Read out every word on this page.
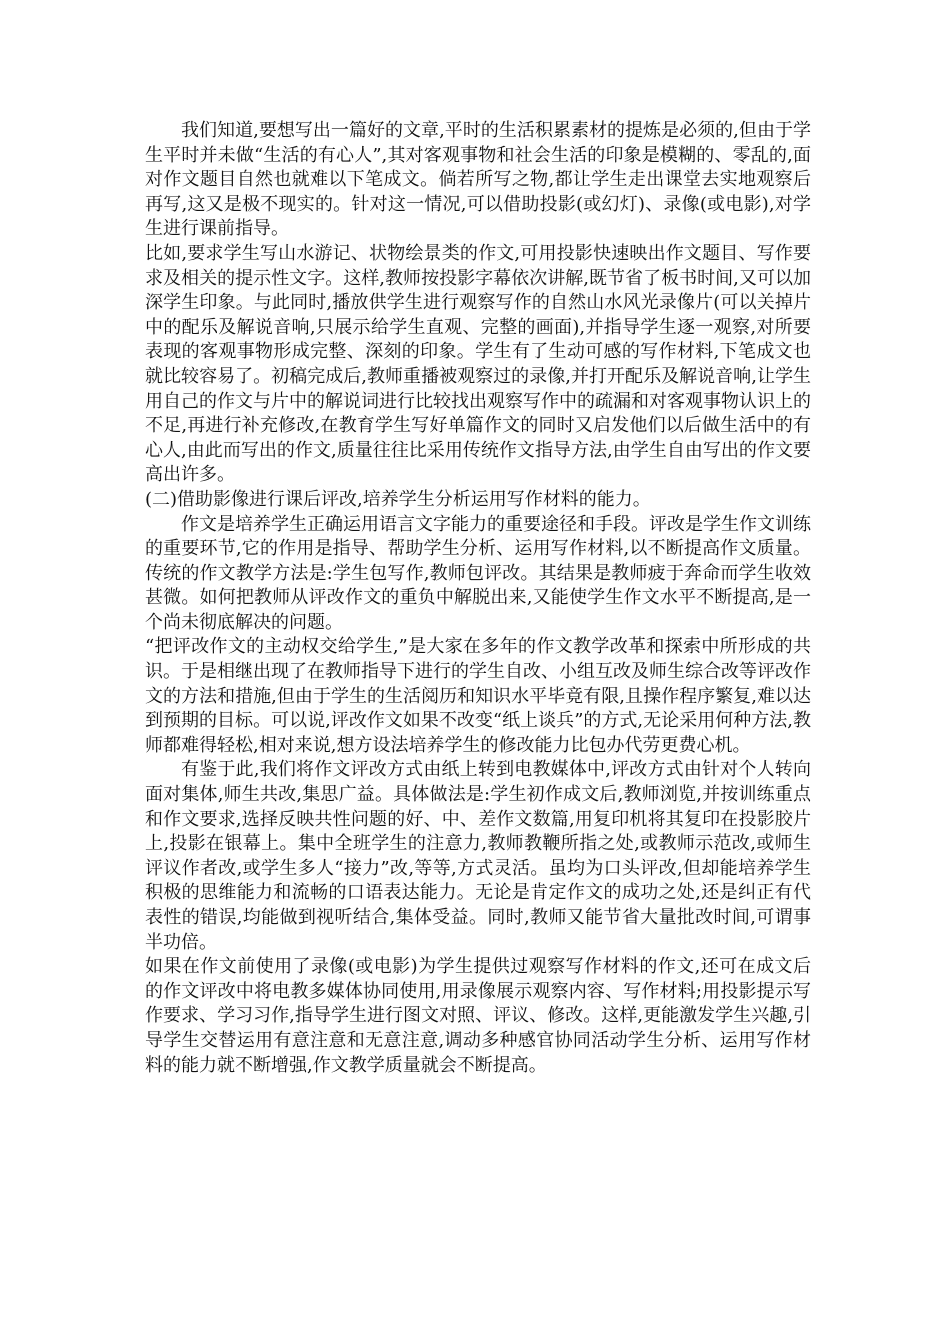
我们知道,要想写出一篇好的文章,平时的生活积累素材的提炼是必须的,但由于学生平时并未做“生活的有心人”,其对客观事物和社会生活的印象是模糊的、零乱的,面对作文题目自然也就难以下笔成文。倘若所写之物,都让学生走出课堂去实地观察后再写,这又是极不现实的。针对这一情况,可以借助投影(或幻灯)、录像(或电影),对学生进行课前指导。

比如,要求学生写山水游记、状物绘景类的作文,可用投影快速映出作文题目、写作要求及相关的提示性文字。这样,教师按投影字幕依次讲解,既节省了板书时间,又可以加深学生印象。与此同时,播放供学生进行观察写作的自然山水风光录像片(可以关掉片中的配乐及解说音响,只展示给学生直观、完整的画面),并指导学生逐一观察,对所要表现的客观事物形成完整、深刻的印象。学生有了生动可感的写作材料,下笔成文也就比较容易了。初稿完成后,教师重播被观察过的录像,并打开配乐及解说音响,让学生用自己的作文与片中的解说词进行比较找出观察写作中的疏漏和对客观事物认识上的不足,再进行补充修改,在教育学生写好单篇作文的同时又启发他们以后做生活中的有心人,由此而写出的作文,质量往往比采用传统作文指导方法,由学生自由写出的作文要高出许多。

(二)借助影像进行课后评改,培养学生分析运用写作材料的能力。

作文是培养学生正确运用语言文字能力的重要途径和手段。评改是学生作文训练的重要环节,它的作用是指导、帮助学生分析、运用写作材料,以不断提高作文质量。传统的作文教学方法是:学生包写作,教师包评改。其结果是教师疲于奔命而学生收效甚微。如何把教师从评改作文的重负中解脱出来,又能使学生作文水平不断提高,是一个尚未彻底解决的问题。

“把评改作文的主动权交给学生,”是大家在多年的作文教学改革和探索中所形成的共识。于是相继出现了在教师指导下进行的学生自改、小组互改及师生综合改等评改作文的方法和措施,但由于学生的生活阅历和知识水平毕竟有限,且操作程序繁复,难以达到预期的目标。可以说,评改作文如果不改变“纸上谈兵”的方式,无论采用何种方法,教师都难得轻松,相对来说,想方设法培养学生的修改能力比包办代劳更费心机。

有鉴于此,我们将作文评改方式由纸上转到电教媒体中,评改方式由针对个人转向面对集体,师生共改,集思广益。具体做法是:学生初作成文后,教师浏览,并按训练重点和作文要求,选择反映共性问题的好、中、差作文数篇,用复印机将其复印在投影胶片上,投影在银幕上。集中全班学生的注意力,教师教鞭所指之处,或教师示范改,或师生评议作者改,或学生多人“接力”改,等等,方式灵活。虽均为口头评改,但却能培养学生积极的思维能力和流畅的口语表达能力。无论是肯定作文的成功之处,还是纠正有代表性的错误,均能做到视听结合,集体受益。同时,教师又能节省大量批改时间,可谓事半功倍。

如果在作文前使用了录像(或电影)为学生提供过观察写作材料的作文,还可在成文后的作文评改中将电教多媒体协同使用,用录像展示观察内容、写作材料;用投影提示写作要求、学习习作,指导学生进行图文对照、评议、修改。这样,更能激发学生兴趣,引导学生交替运用有意注意和无意注意,调动多种感官协同活动学生分析、运用写作材料的能力就不断增强,作文教学质量就会不断提高。
